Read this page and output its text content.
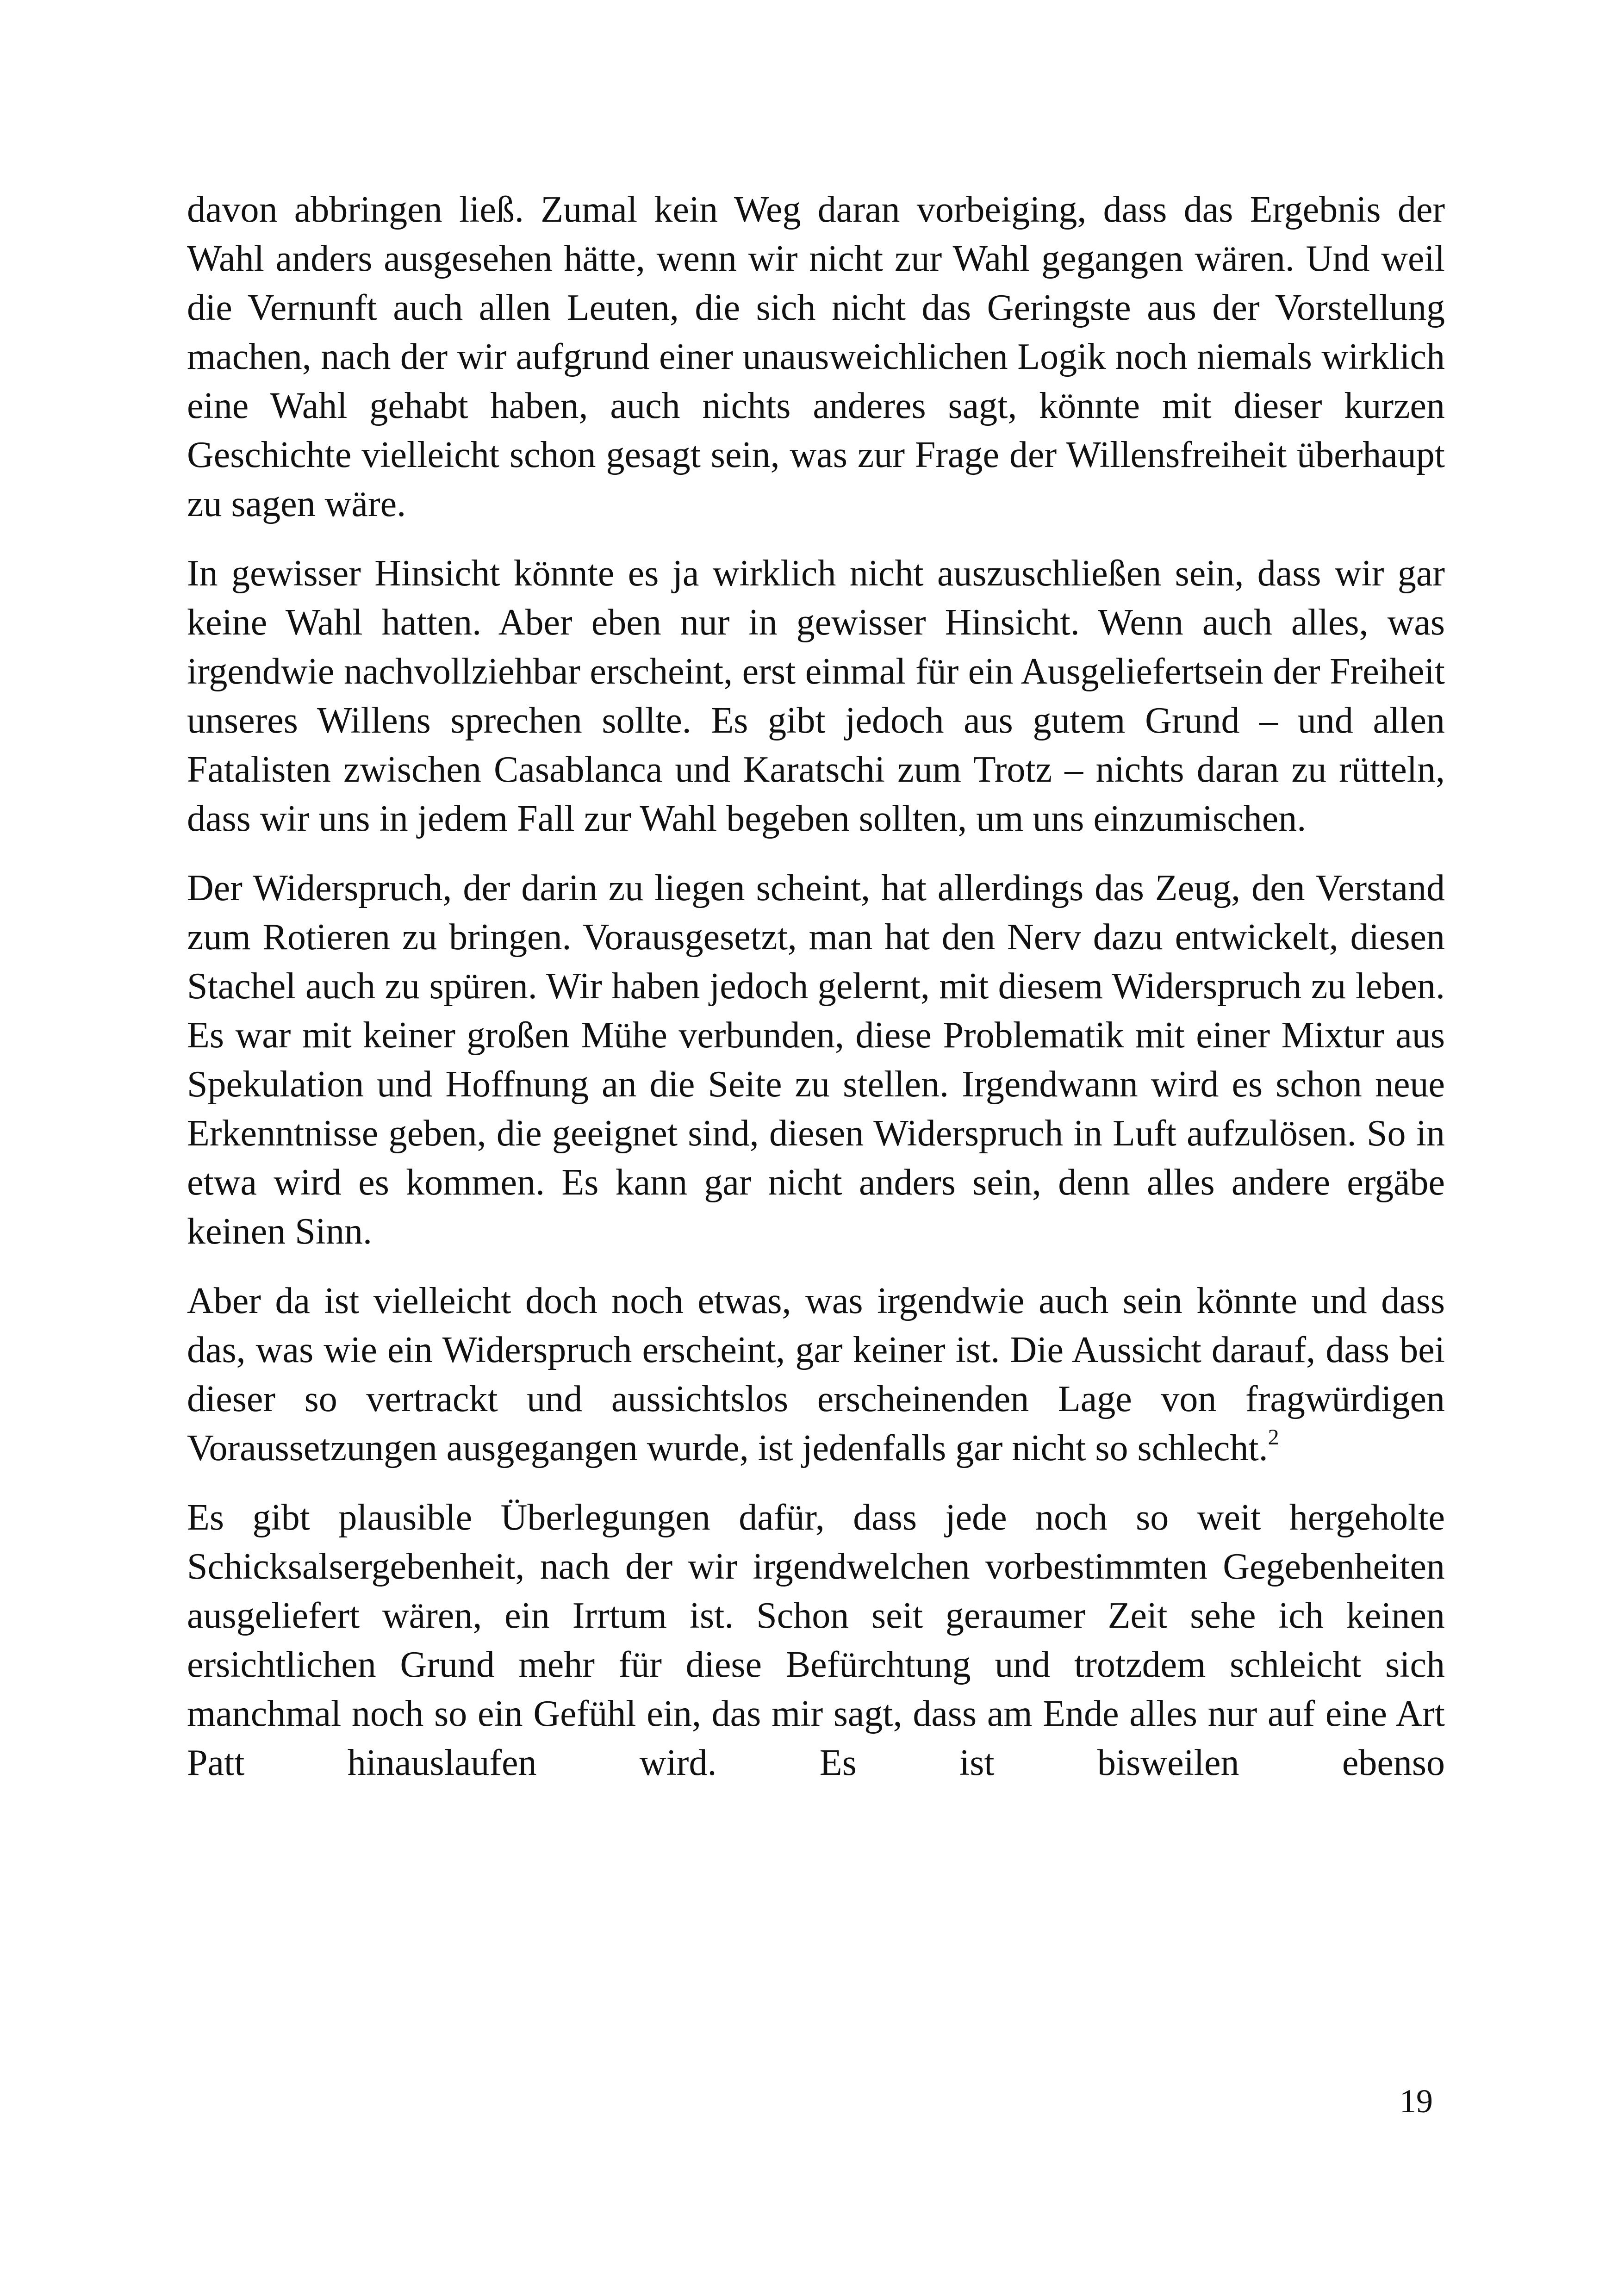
davon abbringen ließ. Zumal kein Weg daran vorbeiging, dass das Ergebnis der Wahl anders ausgesehen hätte, wenn wir nicht zur Wahl gegangen wären. Und weil die Vernunft auch allen Leuten, die sich nicht das Geringste aus der Vorstellung machen, nach der wir aufgrund einer unausweichlichen Logik noch niemals wirklich eine Wahl gehabt haben, auch nichts anderes sagt, könnte mit dieser kurzen Geschichte vielleicht schon gesagt sein, was zur Frage der Willensfreiheit überhaupt zu sagen wäre.

In gewisser Hinsicht könnte es ja wirklich nicht auszuschließen sein, dass wir gar keine Wahl hatten. Aber eben nur in gewisser Hinsicht. Wenn auch alles, was irgendwie nachvollziehbar erscheint, erst einmal für ein Ausgeliefertsein der Freiheit unseres Willens sprechen sollte. Es gibt jedoch aus gutem Grund – und allen Fatalisten zwischen Casablanca und Karatschi zum Trotz – nichts daran zu rütteln, dass wir uns in jedem Fall zur Wahl begeben sollten, um uns einzumischen.

Der Widerspruch, der darin zu liegen scheint, hat allerdings das Zeug, den Verstand zum Rotieren zu bringen. Vorausgesetzt, man hat den Nerv dazu entwickelt, diesen Stachel auch zu spüren. Wir haben jedoch gelernt, mit diesem Widerspruch zu leben. Es war mit keiner großen Mühe verbunden, diese Problematik mit einer Mixtur aus Spekulation und Hoffnung an die Seite zu stellen. Irgendwann wird es schon neue Erkenntnisse geben, die geeignet sind, diesen Widerspruch in Luft aufzulösen. So in etwa wird es kommen. Es kann gar nicht anders sein, denn alles andere ergäbe keinen Sinn.

Aber da ist vielleicht doch noch etwas, was irgendwie auch sein könnte und dass das, was wie ein Widerspruch erscheint, gar keiner ist. Die Aussicht darauf, dass bei dieser so vertrackt und aussichtslos erscheinenden Lage von fragwürdigen Voraussetzungen ausgegangen wurde, ist jedenfalls gar nicht so schlecht.$^2$

Es gibt plausible Überlegungen dafür, dass jede noch so weit hergeholte Schicksalsergebenheit, nach der wir irgendwelchen vorbestimmten Gegebenheiten ausgeliefert wären, ein Irrtum ist. Schon seit geraumer Zeit sehe ich keinen ersichtlichen Grund mehr für diese Befürchtung und trotzdem schleicht sich manchmal noch so ein Gefühl ein, das mir sagt, dass am Ende alles nur auf eine Art Patt hinauslaufen wird. Es ist bisweilen ebenso

19
